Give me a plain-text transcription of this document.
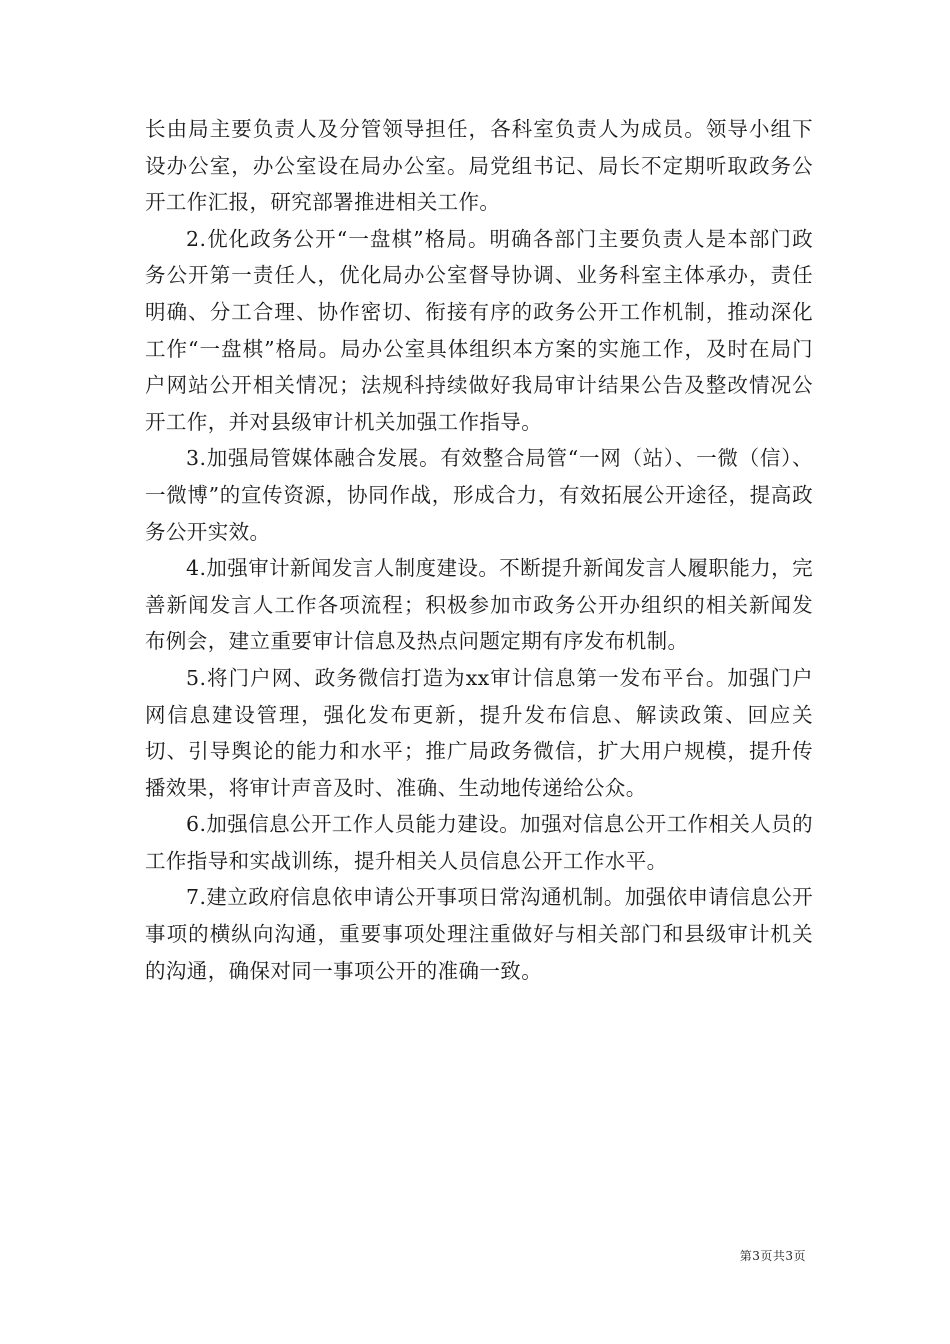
长由局主要负责人及分管领导担任，各科室负责人为成员。领导小组下设办公室，办公室设在局办公室。局党组书记、局长不定期听取政务公开工作汇报，研究部署推进相关工作。

2.优化政务公开“一盘棋”格局。明确各部门主要负责人是本部门政务公开第一责任人，优化局办公室督导协调、业务科室主体承办，责任明确、分工合理、协作密切、衔接有序的政务公开工作机制，推动深化工作“一盘棋”格局。局办公室具体组织本方案的实施工作，及时在局门户网站公开相关情况；法规科持续做好我局审计结果公告及整改情况公开工作，并对县级审计机关加强工作指导。

3.加强局管媒体融合发展。有效整合局管“一网（站）、一微（信）、一微博”的宣传资源，协同作战，形成合力，有效拓展公开途径，提高政务公开实效。

4.加强审计新闻发言人制度建设。不断提升新闻发言人履职能力，完善新闻发言人工作各项流程；积极参加市政务公开办组织的相关新闻发布例会，建立重要审计信息及热点问题定期有序发布机制。

5.将门户网、政务微信打造为xx审计信息第一发布平台。加强门户网信息建设管理，强化发布更新，提升发布信息、解读政策、回应关切、引导舆论的能力和水平；推广局政务微信，扩大用户规模，提升传播效果，将审计声音及时、准确、生动地传递给公众。

6.加强信息公开工作人员能力建设。加强对信息公开工作相关人员的工作指导和实战训练，提升相关人员信息公开工作水平。

7.建立政府信息依申请公开事项日常沟通机制。加强依申请信息公开事项的横纵向沟通，重要事项处理注重做好与相关部门和县级审计机关的沟通，确保对同一事项公开的准确一致。

第3页共3页
